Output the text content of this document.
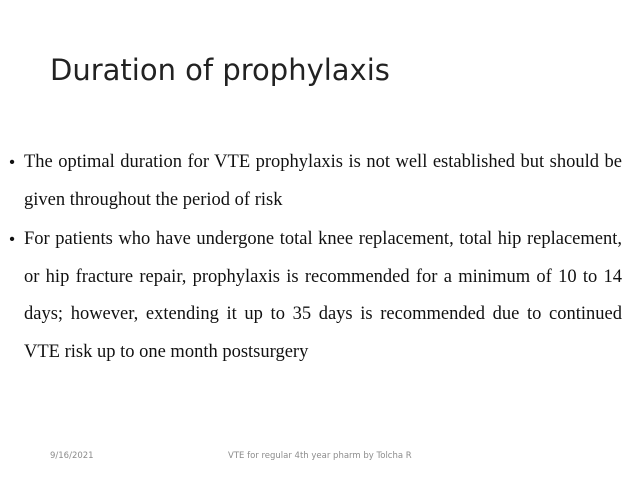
Duration of prophylaxis
• The optimal duration for VTE prophylaxis is not well established but should be given throughout the period of risk
• For patients who have undergone total knee replacement, total hip replacement, or hip fracture repair, prophylaxis is recommended for a minimum of 10 to 14 days; however, extending it up to 35 days is recommended due to continued VTE risk up to one month postsurgery

9/16/2021	VTE for regular 4th year pharm by Tolcha R
